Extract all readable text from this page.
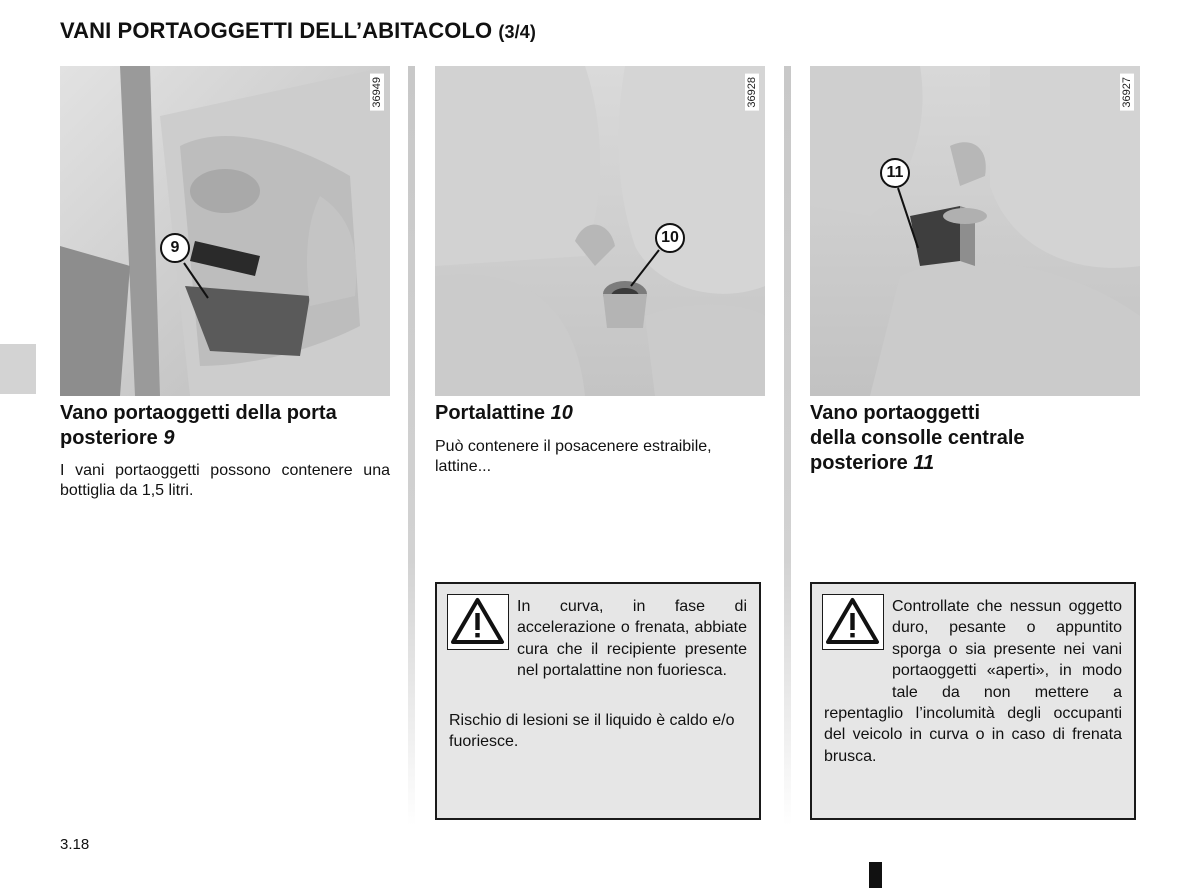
VANI PORTAOGGETTI DELL’ABITACOLO (3/4)
36949
9
36928
10
36927
11
Vano portaoggetti della porta posteriore 9
I vani portaoggetti possono contenere una bottiglia da 1,5 litri.
Portalattine 10
Può contenere il posacenere estraibile, lattine...
Vano portaoggetti
della consolle centrale
posteriore 11

In curva, in fase di accelerazione o frenata, abbiate cura che il recipiente presente nel portalattine non fuoriesca.

Rischio di lesioni se il liquido è caldo e/o fuoriesce.

Controllate che nessun oggetto duro, pesante o appuntito sporga o sia presente nei vani portaoggetti «aperti», in modo tale da non mettere a repentaglio l’incolumità degli occupanti del veicolo in curva o in caso di frenata brusca.

3.18
